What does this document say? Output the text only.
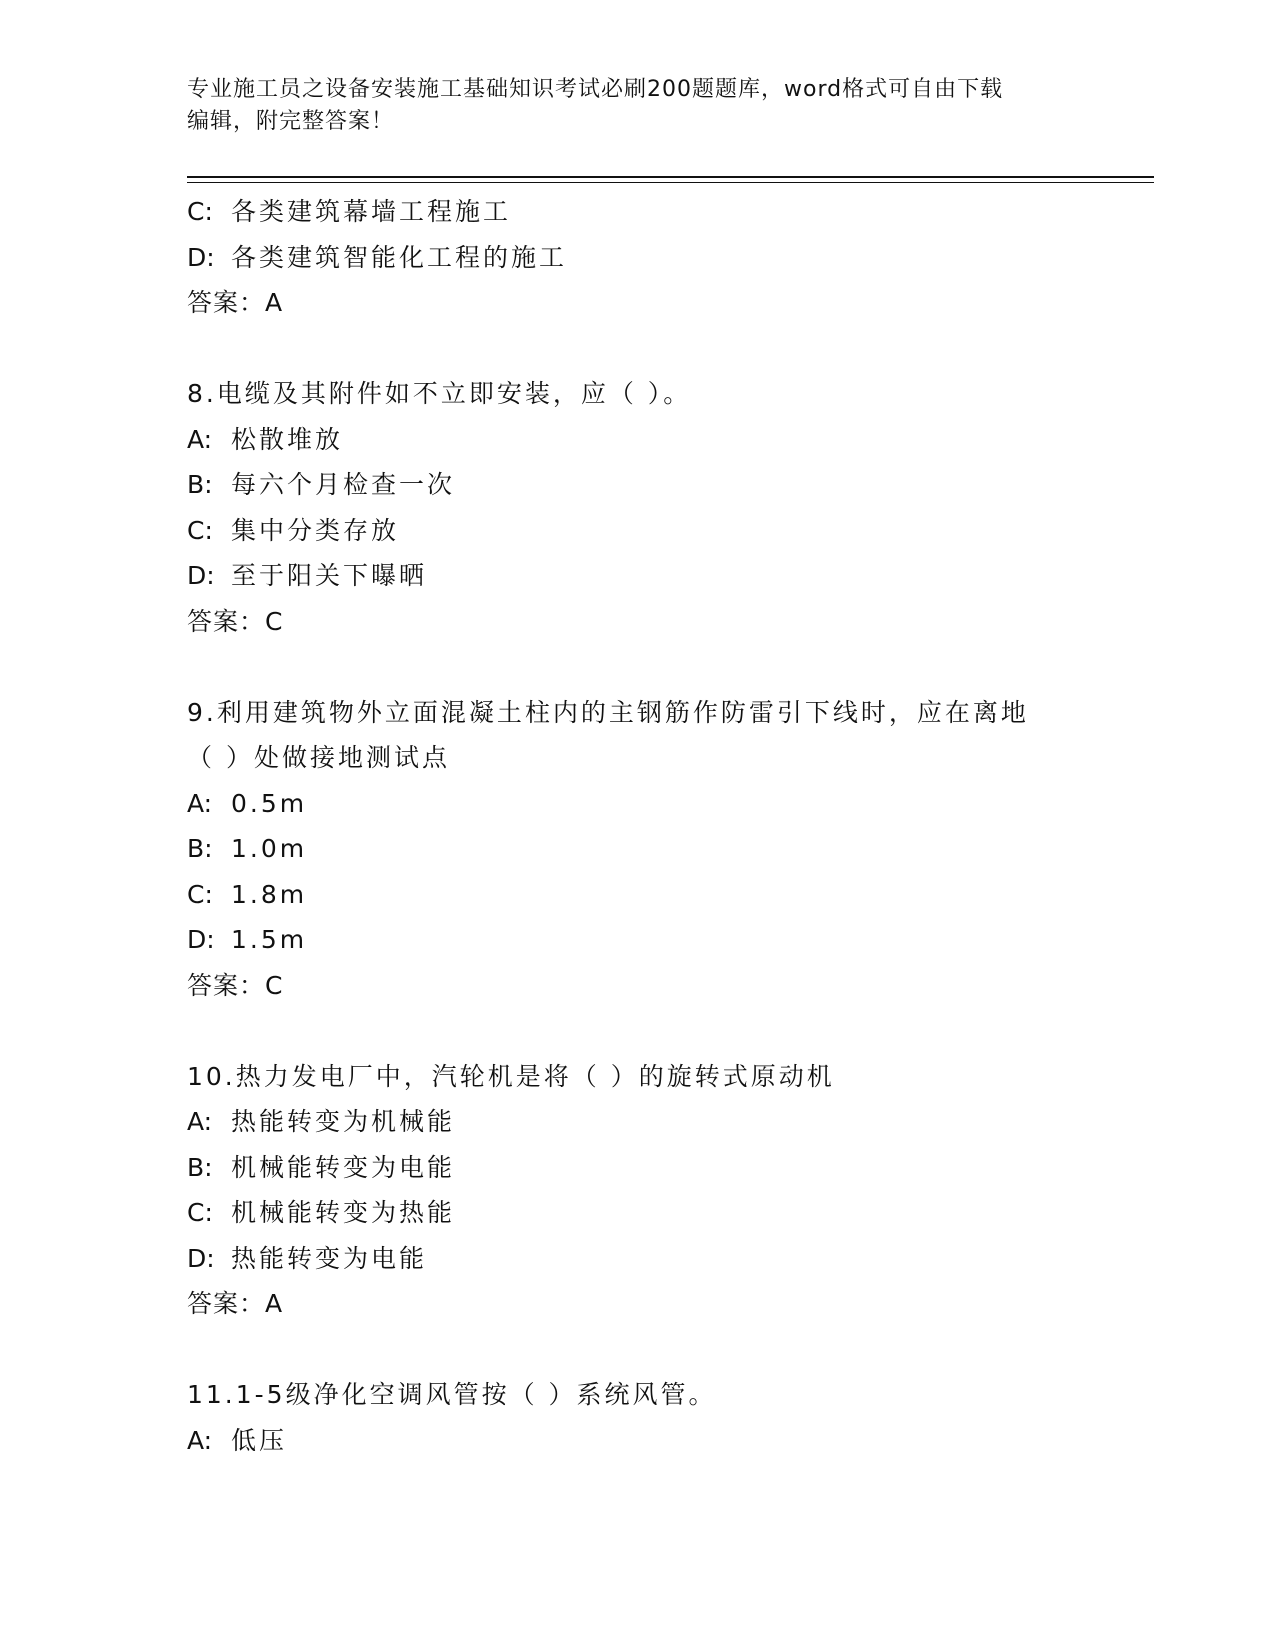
专业施工员之设备安装施工基础知识考试必刷200题题库，word格式可自由下载
编辑，附完整答案！
C: 各类建筑幕墙工程施工
D: 各类建筑智能化工程的施工
答案：A
8.电缆及其附件如不立即安装，应（ ）。
A: 松散堆放
B: 每六个月检查一次
C: 集中分类存放
D: 至于阳关下曝晒
答案：C
9.利用建筑物外立面混凝土柱内的主钢筋作防雷引下线时，应在离地
（ ）处做接地测试点
A: 0.5m
B: 1.0m
C: 1.8m
D: 1.5m
答案：C
10.热力发电厂中，汽轮机是将（ ）的旋转式原动机
A: 热能转变为机械能
B: 机械能转变为电能
C: 机械能转变为热能
D: 热能转变为电能
答案：A
11.1-5级净化空调风管按（ ）系统风管。
A: 低压
